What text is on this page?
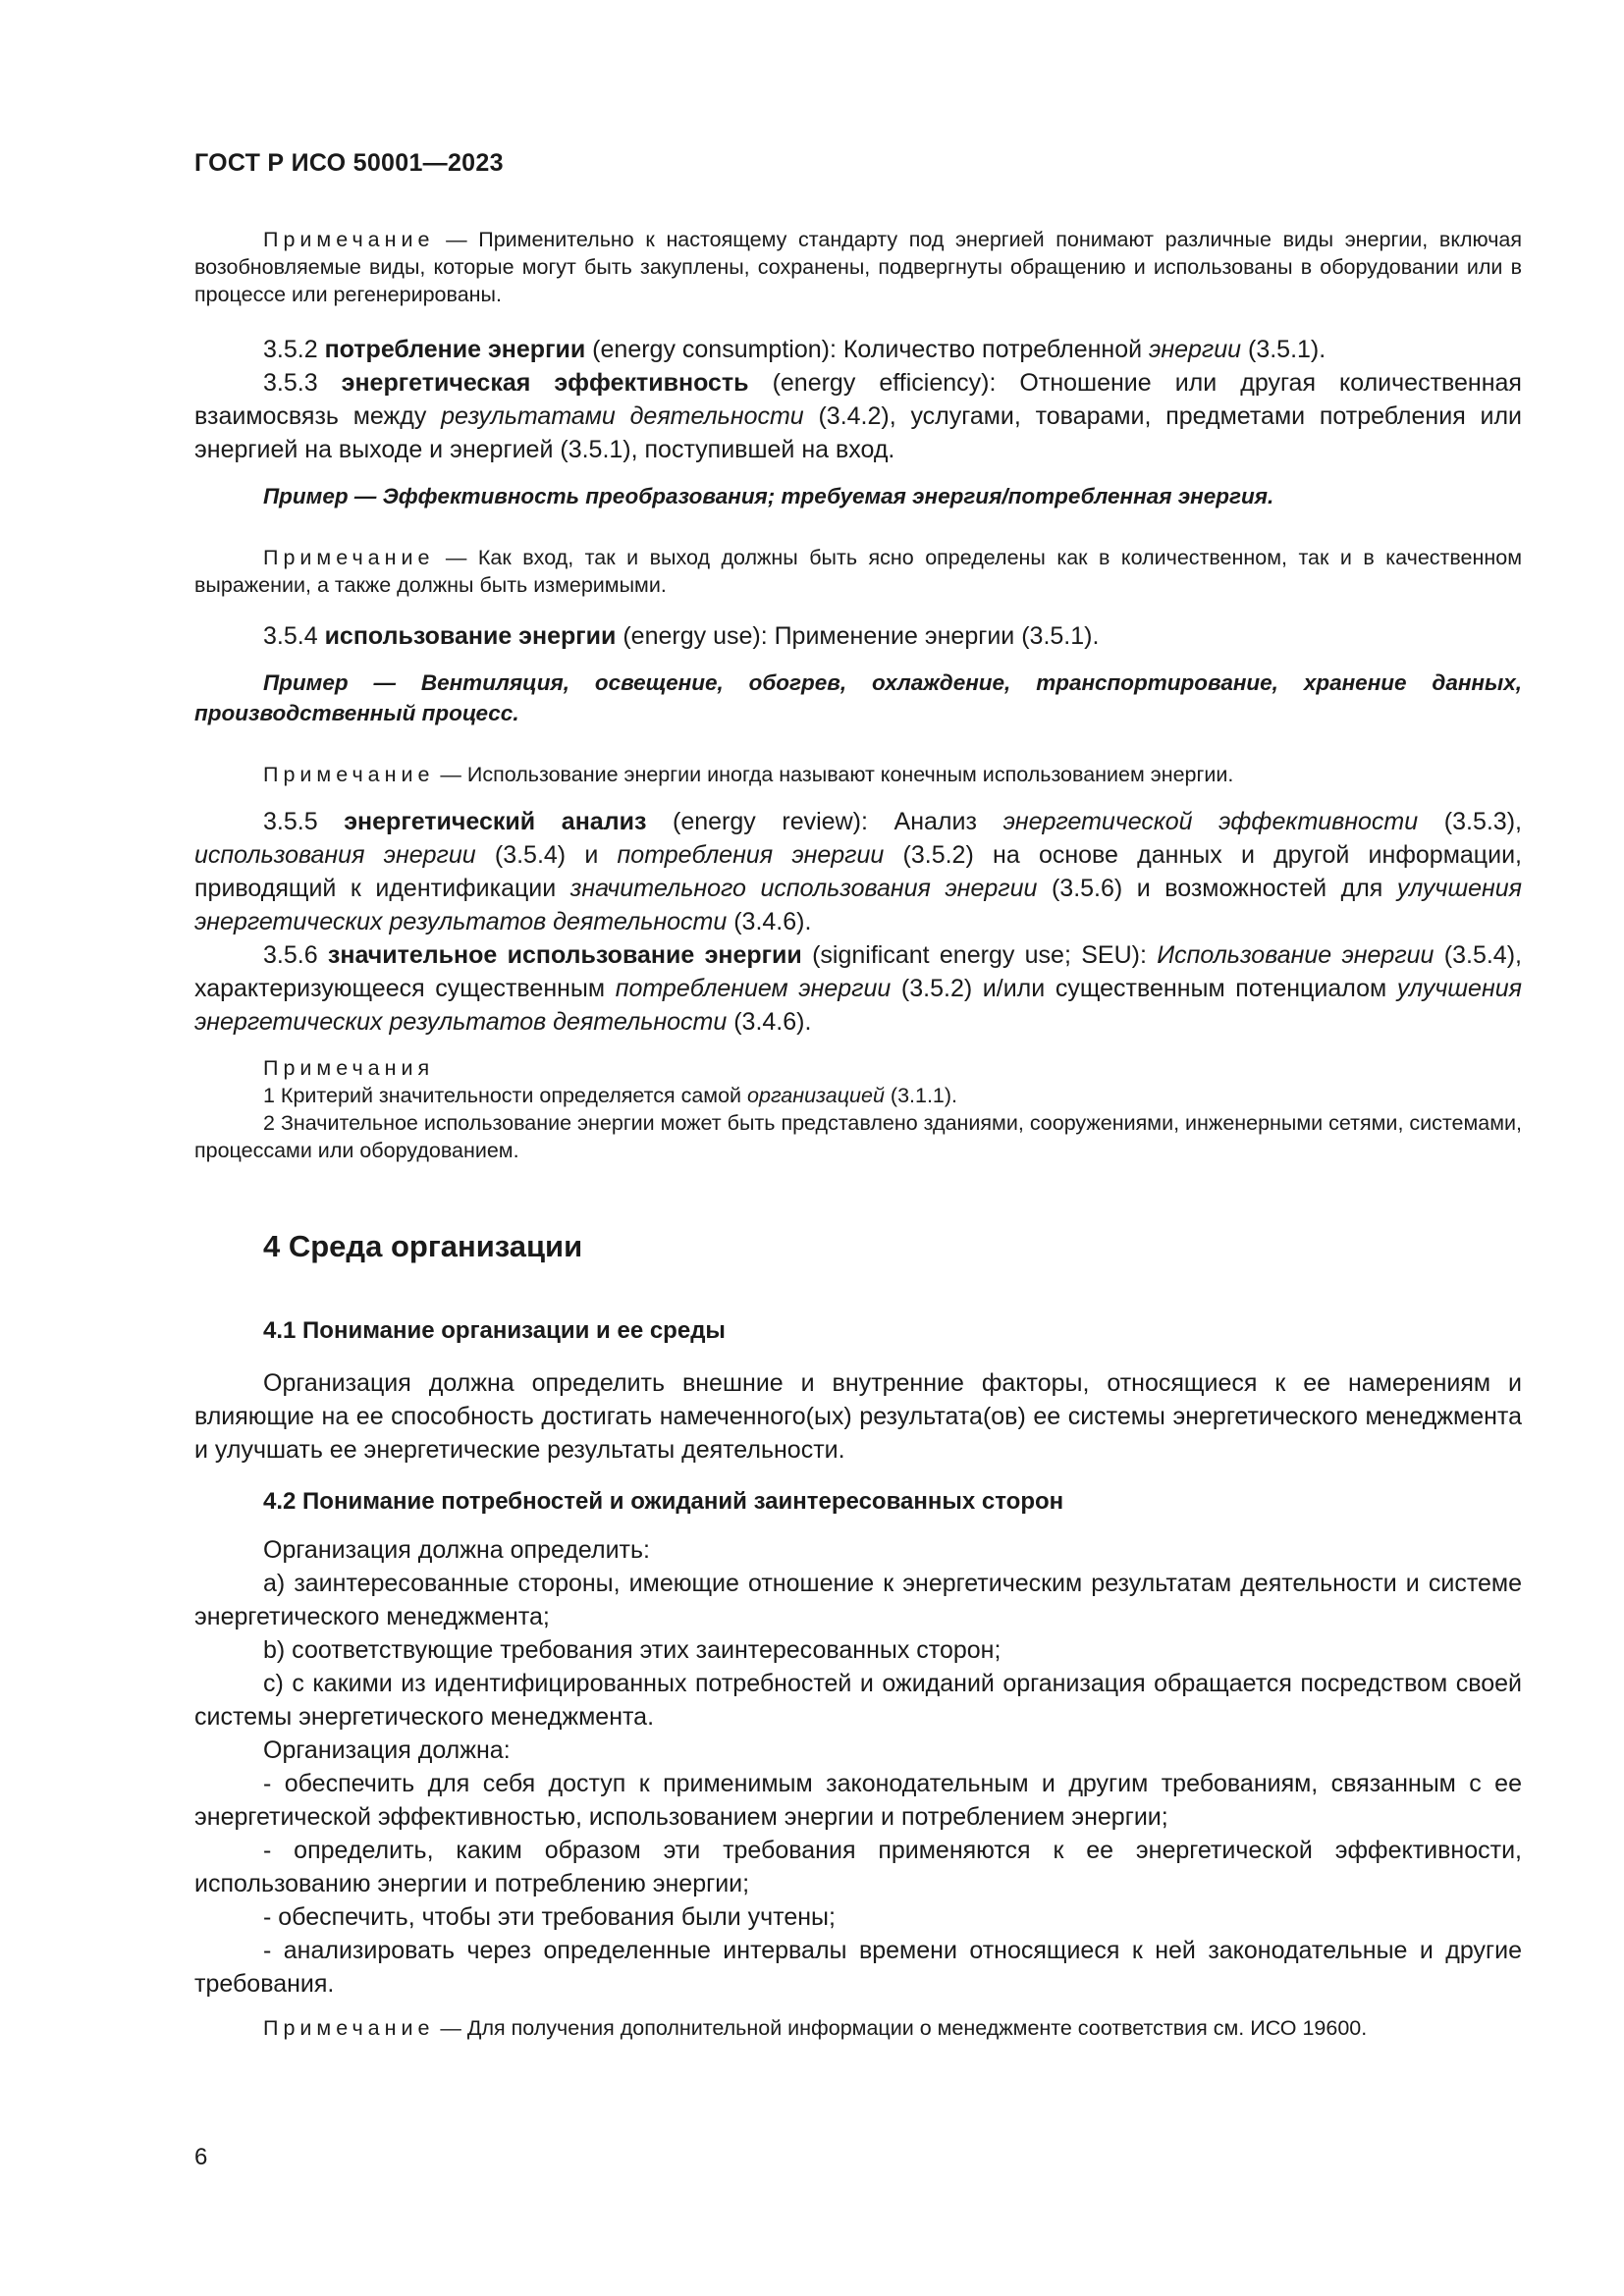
ГОСТ Р ИСО 50001—2023

Примечание — Применительно к настоящему стандарту под энергией понимают различные виды энергии, включая возобновляемые виды, которые могут быть закуплены, сохранены, подвергнуты обращению и использованы в оборудовании или в процессе или регенерированы.

3.5.2 потребление энергии (energy consumption): Количество потребленной энергии (3.5.1).

3.5.3 энергетическая эффективность (energy efficiency): Отношение или другая количественная взаимосвязь между результатами деятельности (3.4.2), услугами, товарами, предметами потребления или энергией на выходе и энергией (3.5.1), поступившей на вход.

Пример — Эффективность преобразования; требуемая энергия/потребленная энергия.

Примечание — Как вход, так и выход должны быть ясно определены как в количественном, так и в качественном выражении, а также должны быть измеримыми.

3.5.4 использование энергии (energy use): Применение энергии (3.5.1).

Пример — Вентиляция, освещение, обогрев, охлаждение, транспортирование, хранение данных, производственный процесс.

Примечание — Использование энергии иногда называют конечным использованием энергии.

3.5.5 энергетический анализ (energy review): Анализ энергетической эффективности (3.5.3), использования энергии (3.5.4) и потребления энергии (3.5.2) на основе данных и другой информации, приводящий к идентификации значительного использования энергии (3.5.6) и возможностей для улучшения энергетических результатов деятельности (3.4.6).

3.5.6 значительное использование энергии (significant energy use; SEU): Использование энергии (3.5.4), характеризующееся существенным потреблением энергии (3.5.2) и/или существенным потенциалом улучшения энергетических результатов деятельности (3.4.6).

Примечания

1 Критерий значительности определяется самой организацией (3.1.1).

2 Значительное использование энергии может быть представлено зданиями, сооружениями, инженерными сетями, системами, процессами или оборудованием.

4 Среда организации

4.1 Понимание организации и ее среды

Организация должна определить внешние и внутренние факторы, относящиеся к ее намерениям и влияющие на ее способность достигать намеченного(ых) результата(ов) ее системы энергетического менеджмента и улучшать ее энергетические результаты деятельности.

4.2 Понимание потребностей и ожиданий заинтересованных сторон

Организация должна определить:

a) заинтересованные стороны, имеющие отношение к энергетическим результатам деятельности и системе энергетического менеджмента;

b) соответствующие требования этих заинтересованных сторон;

c) с какими из идентифицированных потребностей и ожиданий организация обращается посредством своей системы энергетического менеджмента.

Организация должна:

- обеспечить для себя доступ к применимым законодательным и другим требованиям, связанным с ее энергетической эффективностью, использованием энергии и потреблением энергии;

- определить, каким образом эти требования применяются к ее энергетической эффективности, использованию энергии и потреблению энергии;

- обеспечить, чтобы эти требования были учтены;

- анализировать через определенные интервалы времени относящиеся к ней законодательные и другие требования.

Примечание — Для получения дополнительной информации о менеджменте соответствия см. ИСО 19600.

6
